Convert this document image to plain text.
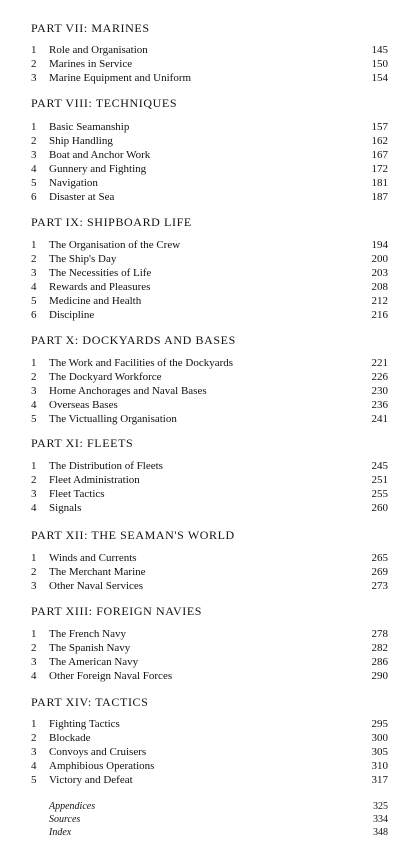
PART VII: MARINES
1	Role and Organisation	145
2	Marines in Service	150
3	Marine Equipment and Uniform	154
PART VIII: TECHNIQUES
1	Basic Seamanship	157
2	Ship Handling	162
3	Boat and Anchor Work	167
4	Gunnery and Fighting	172
5	Navigation	181
6	Disaster at Sea	187
PART IX: SHIPBOARD LIFE
1	The Organisation of the Crew	194
2	The Ship's Day	200
3	The Necessities of Life	203
4	Rewards and Pleasures	208
5	Medicine and Health	212
6	Discipline	216
PART X: DOCKYARDS AND BASES
1	The Work and Facilities of the Dockyards	221
2	The Dockyard Workforce	226
3	Home Anchorages and Naval Bases	230
4	Overseas Bases	236
5	The Victualling Organisation	241
PART XI: FLEETS
1	The Distribution of Fleets	245
2	Fleet Administration	251
3	Fleet Tactics	255
4	Signals	260
PART XII: THE SEAMAN'S WORLD
1	Winds and Currents	265
2	The Merchant Marine	269
3	Other Naval Services	273
PART XIII: FOREIGN NAVIES
1	The French Navy	278
2	The Spanish Navy	282
3	The American Navy	286
4	Other Foreign Naval Forces	290
PART XIV: TACTICS
1	Fighting Tactics	295
2	Blockade	300
3	Convoys and Cruisers	305
4	Amphibious Operations	310
5	Victory and Defeat	317
Appendices	325
Sources	334
Index	348
